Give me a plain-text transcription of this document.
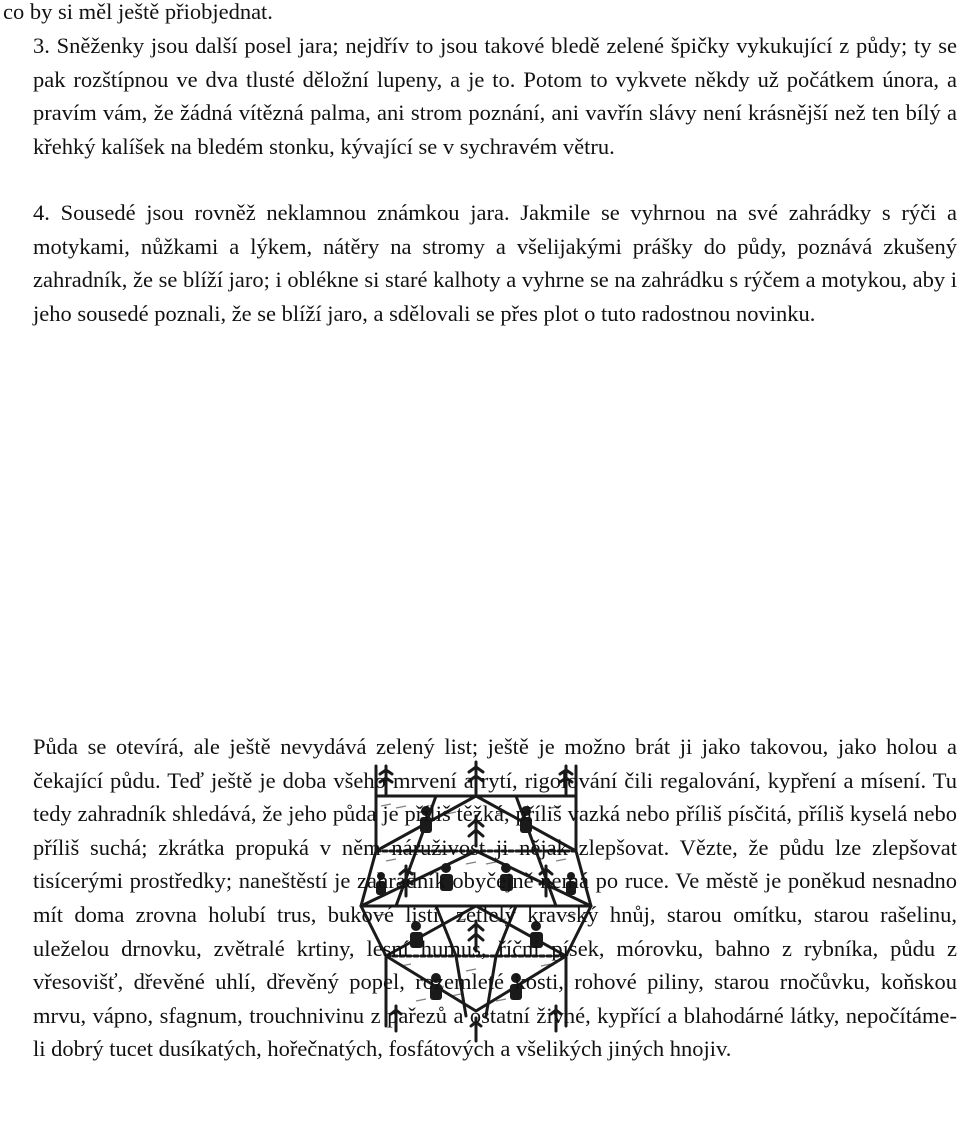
co by si měl ještě přiobjednat.

3. Sněženky jsou další posel jara; nejdřív to jsou takové bledě zelené špičky vykukující z půdy; ty se pak rozštípnou ve dva tlusté děložní lupeny, a je to. Potom to vykvete někdy už počátkem února, a pravím vám, že žádná vítězná palma, ani strom poznání, ani vavřín slávy není krásnější než ten bílý a křehký kalíšek na bledém stonku, kývající se v sychravém větru.

4. Sousedé jsou rovněž neklamnou známkou jara. Jakmile se vyhrnou na své zahrádky s rýči a motykami, nůžkami a lýkem, nátěry na stromy a všelijakými prášky do půdy, poznává zkušený zahradník, že se blíží jaro; i oblékne si staré kalhoty a vyhrne se na zahrádku s rýčem a motykou, aby i jeho sousedé poznali, že se blíží jaro, a sdělovali se přes plot o tuto radostnou novinku.

Půda se otevírá, ale ještě nevydává zelený list; ještě je možno brát ji jako takovou, jako holou a čekající půdu. Teď ještě je doba všeho mrvení a rytí, rigolování čili regalování, kypření a mísení. Tu tedy zahradník shledává, že jeho půda je příliš těžká, příliš vazká nebo příliš písčitá, příliš kyselá nebo příliš suchá; zkrátka propuká v něm náruživost ji nějak zlepšovat. Vězte, že půdu lze zlepšovat tisícerými prostředky; naneštěstí je zahradník obyčejně nemá po ruce. Ve městě je poněkud nesnadno mít doma zrovna holubí trus, bukové listí, zetlelý kravský hnůj, starou omítku, starou rašelinu, uleželou drnovku, zvětralé krtiny, lesní humus, říční písek, mórovku, bahno z rybníka, půdu z vřesovišť, dřevěné uhlí, dřevěný popel, rozemleté kosti, rohové piliny, starou rnočůvku, koňskou mrvu, vápno, sfagnum, trouchnivinu z pařezů a ostatní živné, kypřící a blahodárné látky, nepočítáme-li dobrý tucet dusíkatých, hořečnatých, fosfátových a všelikých jiných hnojiv.
